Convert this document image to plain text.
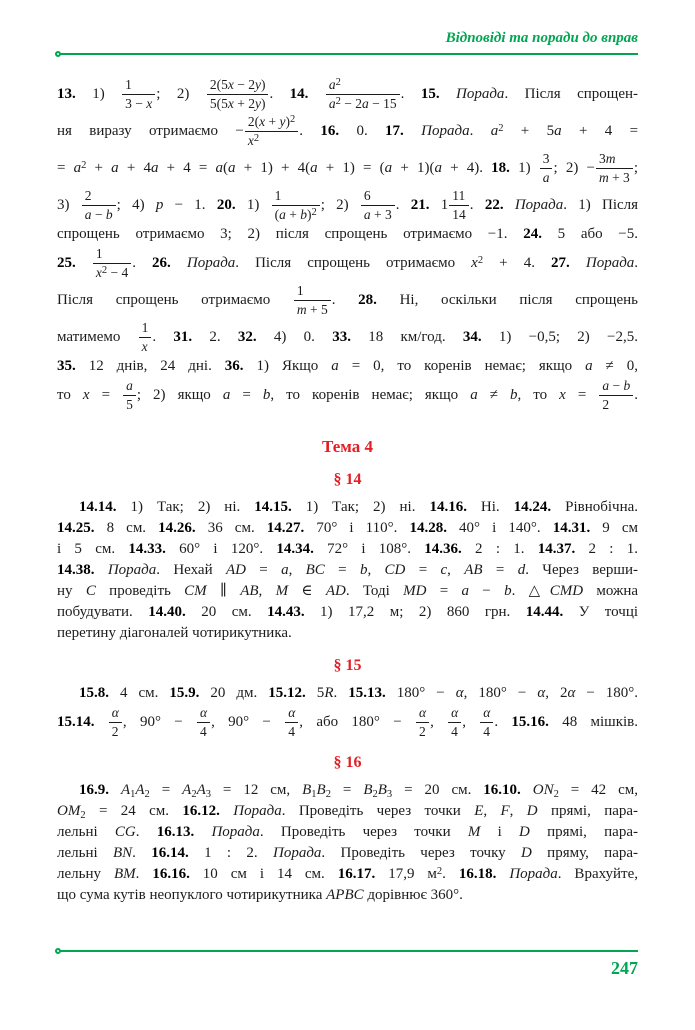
Відповіді та поради до вправ
13. $1) \frac{1}{3 - x}$ ; $2) \frac{2(5x - 2y)}{5(5x + 2y)}$ . 14. $\frac{a^2}{a^2 - 2a - 15}$ . 15. Порада. Після спрощен-
ня виразу отримаємо − $\frac{2(x + y)^2}{x^2}$ . 16. 0. 17. Порада. $a^2 + 5a + 4$ =
= $a^2 + a + 4a + 4 = a(a + 1) + 4(a + 1) = (a + 1)(a + 4)$. 18. $1) \frac{3}{a}$ ; $2) - \frac{3m}{m + 3}$ ;
$3) \frac{2}{a - b}$ ; 4) p − 1. 20. $1) \frac{1}{(a + b)^2}$ ; $2) \frac{6}{a + 3}$ . 21. $1 \frac{11}{14}$ . 22. Порада. 1) Після
спрощень отримаємо 3; 2) після спрощень отримаємо −1. 24. 5 або −5.
25. $\frac{1}{x^2 - 4}$ . 26. Порада. Після спрощень отримаємо $x^2 + 4$. 27. Порада.
Після спрощень отримаємо $\frac{1}{m + 5}$ . 28. Ні, оскільки після спрощень
матимемо $\frac{1}{x}$ . 31. 2. 32. 4) 0. 33. 18 км/год. 34. 1) −0,5; 2) −2,5.
35. 12 днів, 24 дні. 36. 1) Якщо a = 0, то коренів немає; якщо a ≠ 0,
то $x = \frac{a}{5}$ ; 2) якщо a = b, то коренів немає; якщо a ≠ b, то $x = \frac{a - b}{2}$ .
Тема 4
§ 14
14.14. 1) Так; 2) ні. 14.15. 1) Так; 2) ні. 14.16. Ні. 14.24. Рівнобічна.
14.25. 8 см. 14.26. 36 см. 14.27. 70° і 110°. 14.28. 40° і 140°. 14.31. 9 см
і 5 см. 14.33. 60° і 120°. 14.34. 72° і 108°. 14.36. 2 : 1. 14.37. 2 : 1.
14.38. Порада. Нехай AD = a, BC = b, CD = c, AB = d. Через верши-
ну C проведіть CM ∥ AB, M ∈ AD. Тоді MD = a − b. △CMD можна
побудувати. 14.40. 20 см. 14.43. 1) 17,2 м; 2) 860 грн. 14.44. У точці
перетину діагоналей чотирикутника.
§ 15
15.8. 4 см. 15.9. 20 дм. 15.12. 5R. 15.13. 180° − α, 180° − α, 2α − 180°.
15.14. $\frac{\alpha}{2}$ , $90^\circ - \frac{\alpha}{4}$ , $90^\circ - \frac{\alpha}{4}$ , або $180^\circ - \frac{\alpha}{2}$ , $\frac{\alpha}{4}$ , $\frac{\alpha}{4}$ . 15.16. 48 мішків.
§ 16
16.9. $A_1A_2 = A_2A_3 = 12$ см, $B_1B_2 = B_2B_3 = 20$ см. 16.10. $ON_2 = 42$ см,
$OM_2 = 24$ см. 16.12. Порада. Проведіть через точки E, F, D прямі, пара-
лельні CG. 16.13. Порада. Проведіть через точки M і D прямі, пара-
лельні BN. 16.14. 1 : 2. Порада. Проведіть через точку D пряму, пара-
лельну BM. 16.16. 10 см і 14 см. 16.17. 17,9 $м^2$. 16.18. Порада. Врахуйте,
що сума кутів неопуклого чотирикутника APBC дорівнює 360°.
247
